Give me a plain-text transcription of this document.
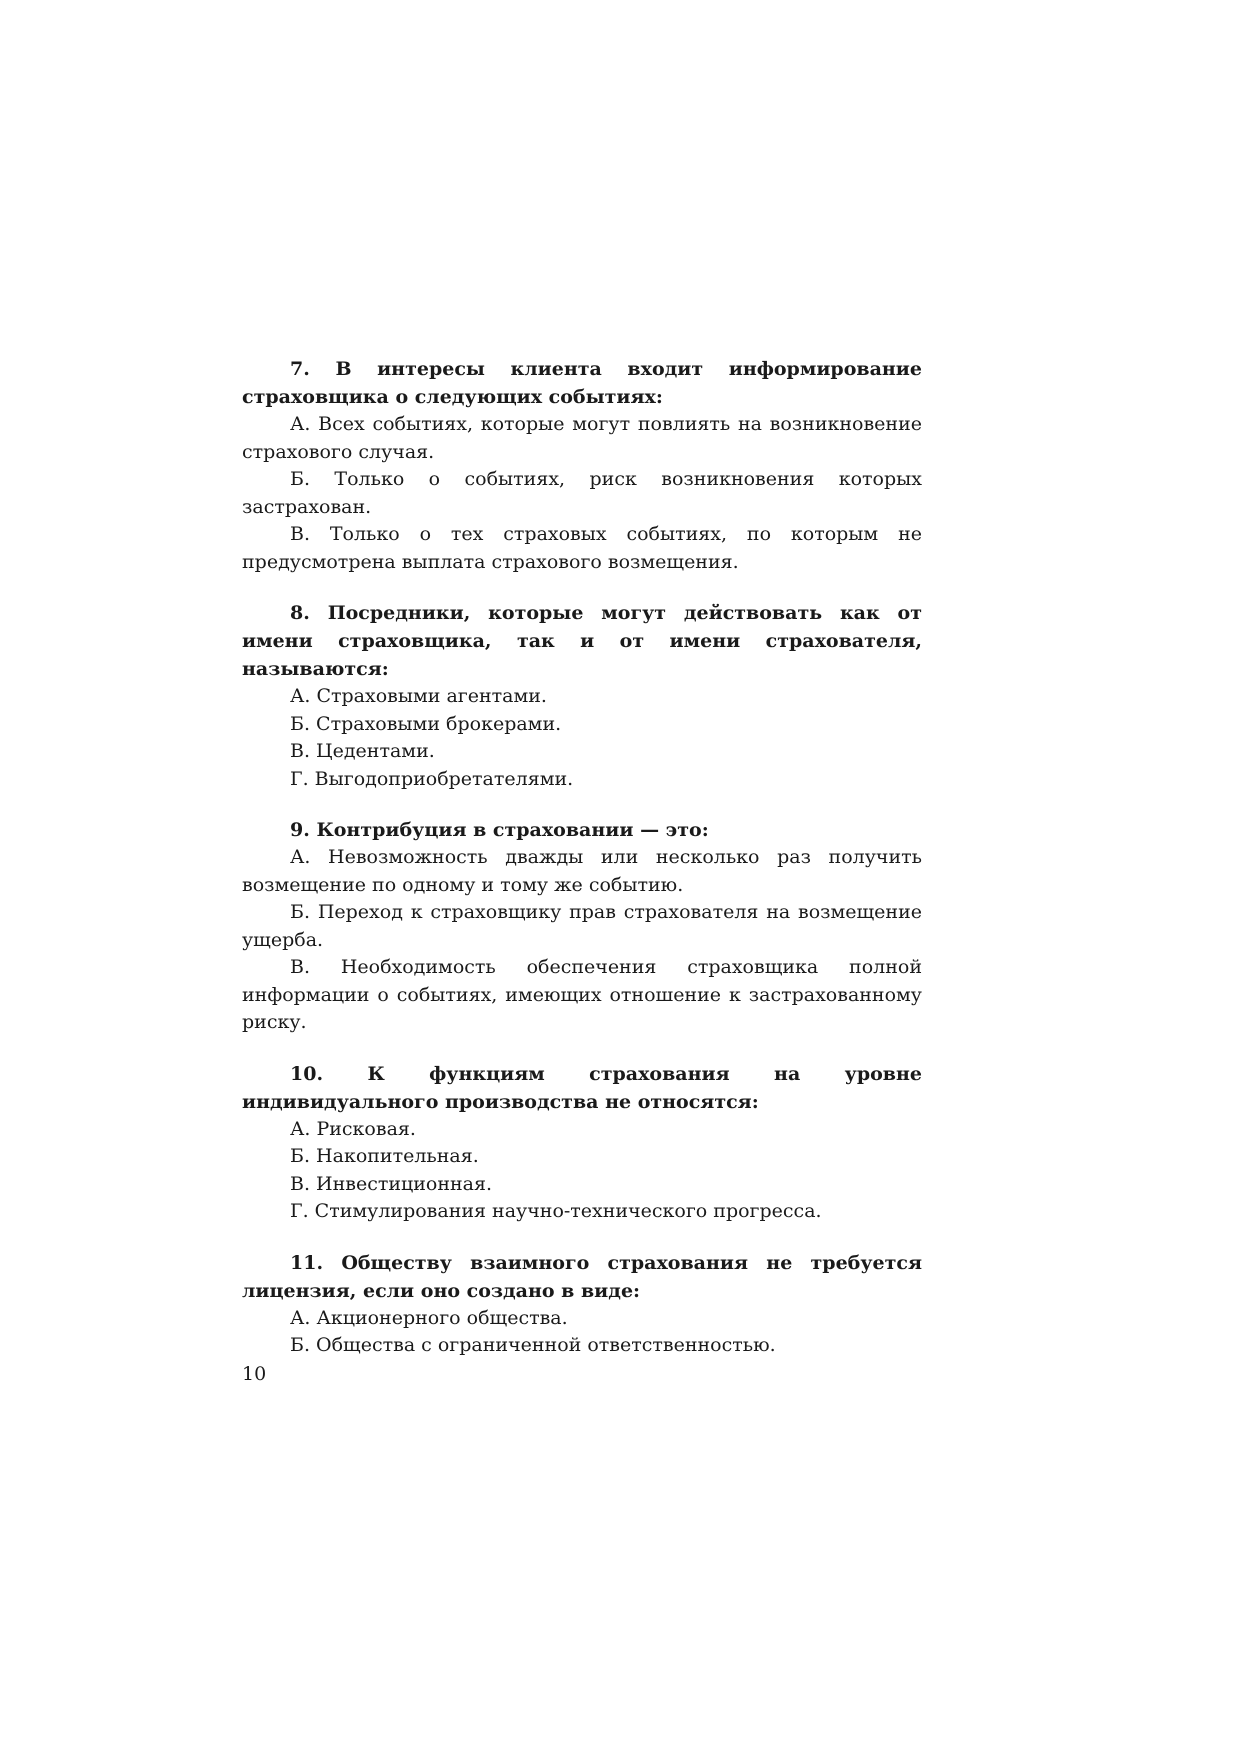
7. В интересы клиента входит информирование страховщика о следующих событиях:

А. Всех событиях, которые могут повлиять на возникновение страхового случая.

Б. Только о событиях, риск возникновения которых застрахован.

В. Только о тех страховых событиях, по которым не предусмотрена выплата страхового возмещения.

8. Посредники, которые могут действовать как от имени страховщика, так и от имени страхователя, называются:

А. Страховыми агентами.

Б. Страховыми брокерами.

В. Цедентами.

Г. Выгодоприобретателями.

9. Контрибуция в страховании — это:

А. Невозможность дважды или несколько раз получить возмещение по одному и тому же событию.

Б. Переход к страховщику прав страхователя на возмещение ущерба.

В. Необходимость обеспечения страховщика полной информации о событиях, имеющих отношение к застрахованному риску.

10. К функциям страхования на уровне индивидуального производства не относятся:

А. Рисковая.

Б. Накопительная.

В. Инвестиционная.

Г. Стимулирования научно-технического прогресса.

11. Обществу взаимного страхования не требуется лицензия, если оно создано в виде:

А. Акционерного общества.

Б. Общества с ограниченной ответственностью.

10
